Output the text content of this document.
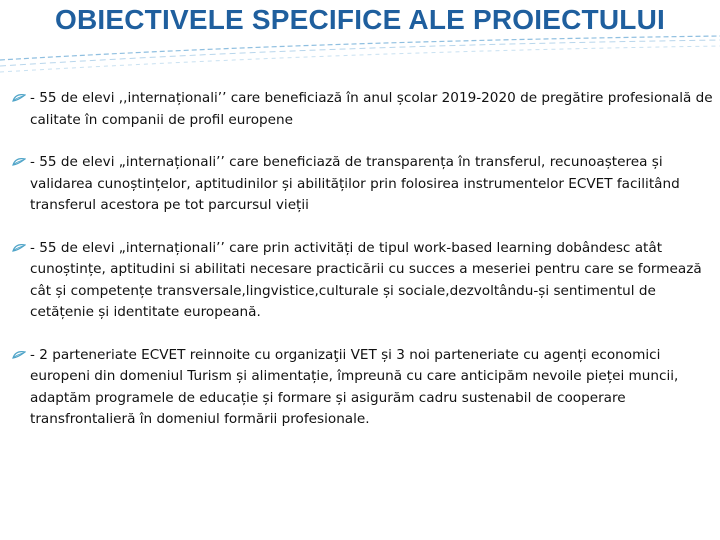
OBIECTIVELE SPECIFICE ALE PROIECTULUI

- 55 de elevi ,,internaționali’’ care beneficiază în anul școlar 2019-2020 de pregătire profesională de calitate în companii de profil europene

- 55 de elevi „internaționali’’ care beneficiază de transparența în transferul, recunoașterea și validarea cunoștințelor, aptitudinilor și abilităților prin folosirea instrumentelor ECVET facilitând transferul acestora pe tot parcursul vieții

- 55 de elevi „internaționali’’ care prin activități de tipul work-based learning dobândesc atât cunoștințe, aptitudini si abilitati necesare practicării cu succes a meseriei pentru care se formează cât și competențe transversale,lingvistice,culturale și sociale,dezvoltându-și sentimentul de cetățenie și identitate europeană.

- 2 parteneriate ECVET reinnoite cu organizaţii VET și 3 noi parteneriate cu agenți economici europeni din domeniul Turism și alimentație, împreună cu care anticipăm nevoile pieței muncii, adaptăm programele de educație și formare și asigurăm cadru sustenabil de cooperare transfrontalieră în domeniul formării profesionale.
